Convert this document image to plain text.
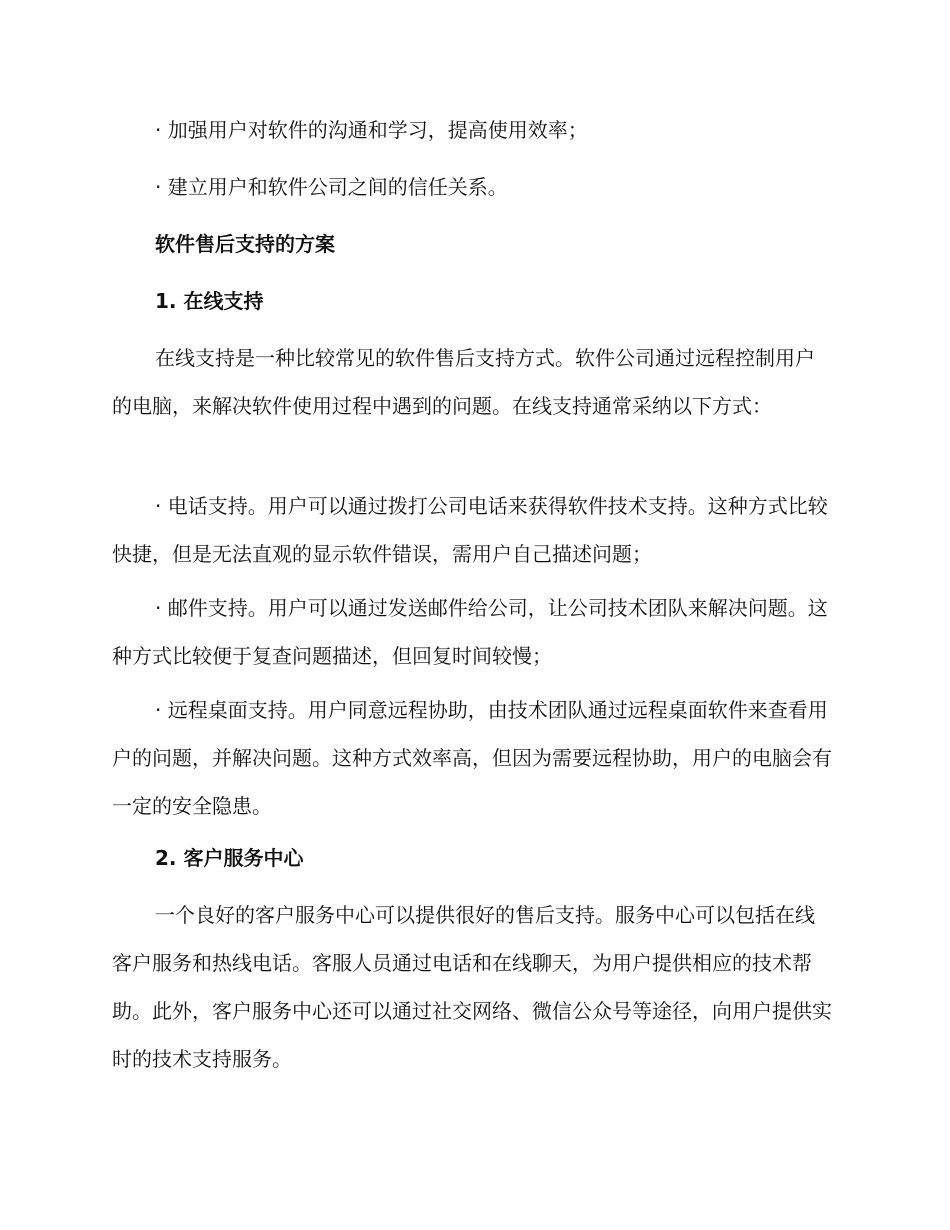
· 加强用户对软件的沟通和学习，提高使用效率；

· 建立用户和软件公司之间的信任关系。

软件售后支持的方案

1. 在线支持

在线支持是一种比较常见的软件售后支持方式。软件公司通过远程控制用户的电脑，来解决软件使用过程中遇到的问题。在线支持通常采纳以下方式：

· 电话支持。用户可以通过拨打公司电话来获得软件技术支持。这种方式比较快捷，但是无法直观的显示软件错误，需用户自己描述问题；

· 邮件支持。用户可以通过发送邮件给公司，让公司技术团队来解决问题。这种方式比较便于复查问题描述，但回复时间较慢；

· 远程桌面支持。用户同意远程协助，由技术团队通过远程桌面软件来查看用户的问题，并解决问题。这种方式效率高，但因为需要远程协助，用户的电脑会有一定的安全隐患。

2. 客户服务中心

一个良好的客户服务中心可以提供很好的售后支持。服务中心可以包括在线客户服务和热线电话。客服人员通过电话和在线聊天，为用户提供相应的技术帮助。此外，客户服务中心还可以通过社交网络、微信公众号等途径，向用户提供实时的技术支持服务。
